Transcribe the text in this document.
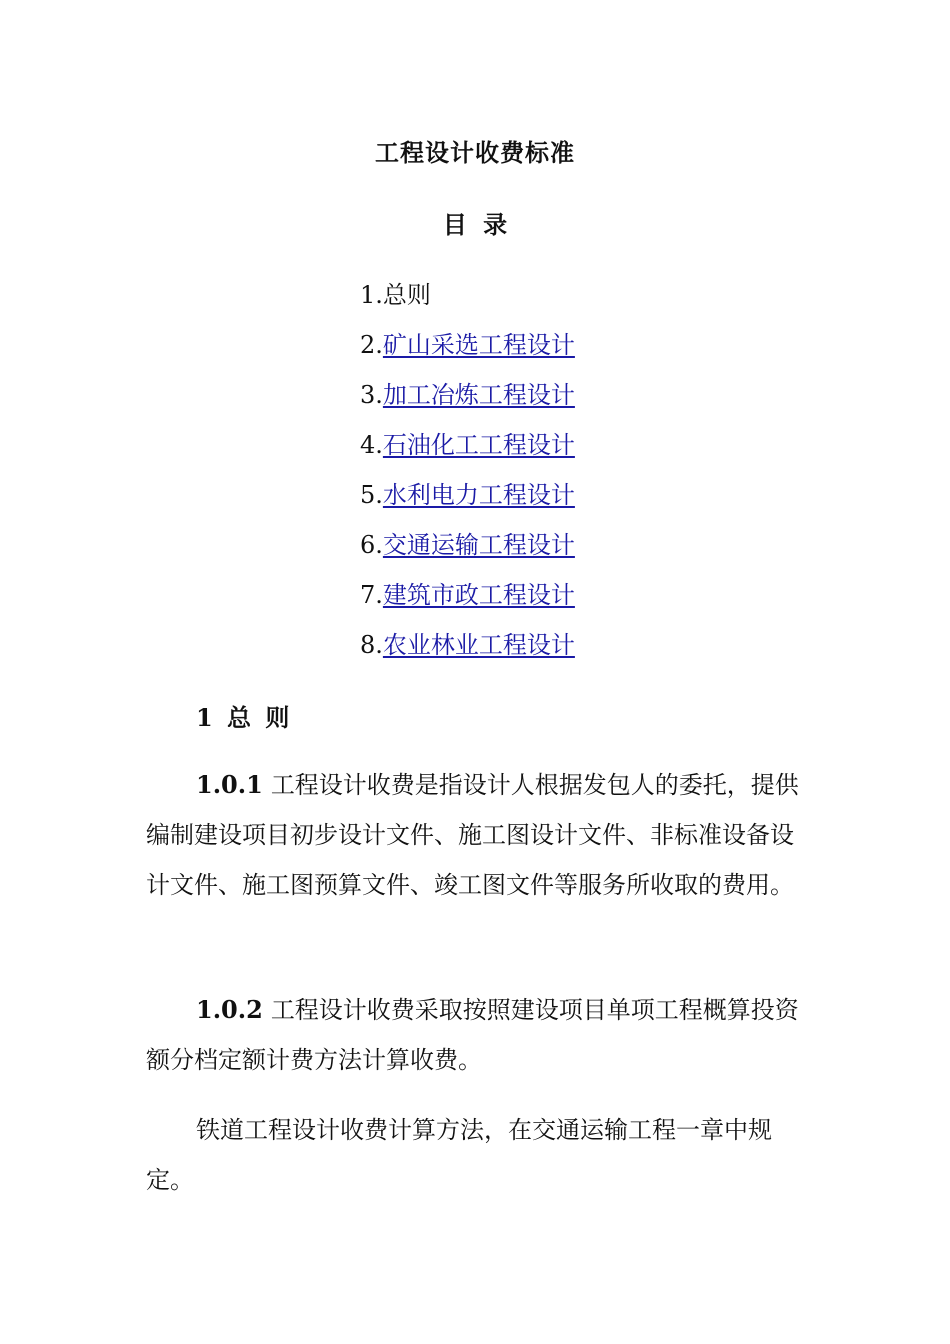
工程设计收费标准
目 录
1.总则
2.矿山采选工程设计
3.加工冶炼工程设计
4.石油化工工程设计
5.水利电力工程设计
6.交通运输工程设计
7.建筑市政工程设计
8.农业林业工程设计
1 总 则

1.0.1 工程设计收费是指设计人根据发包人的委托，提供编制建设项目初步设计文件、施工图设计文件、非标准设备设计文件、施工图预算文件、竣工图文件等服务所收取的费用。

1.0.2 工程设计收费采取按照建设项目单项工程概算投资额分档定额计费方法计算收费。

铁道工程设计收费计算方法，在交通运输工程一章中规定。
